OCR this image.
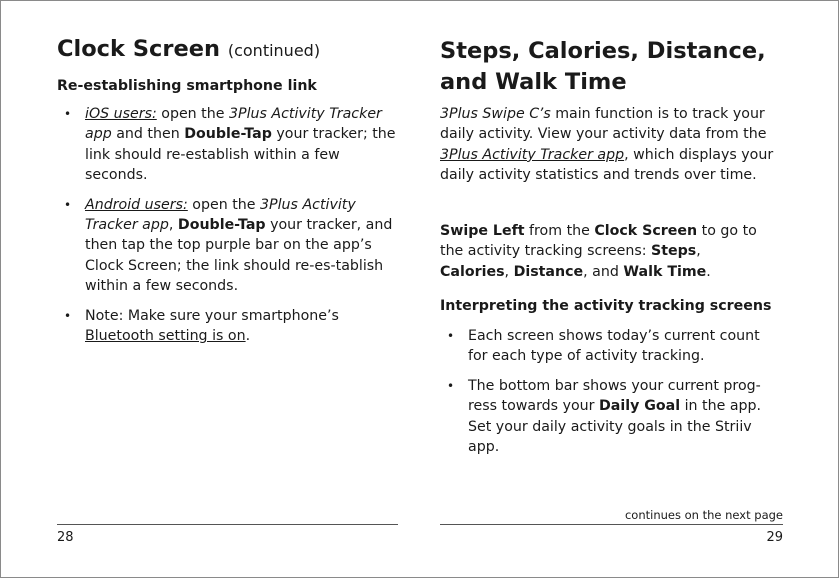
Clock Screen (continued)
Re-establishing smartphone link
• iOS users: open the 3Plus Activity Tracker app and then Double-Tap your tracker; the link should re-establish within a few seconds.
• Android users: open the 3Plus Activity Tracker app, Double-Tap your tracker, and then tap the top purple bar on the app’s Clock Screen; the link should re-es-tablish within a few seconds.
• Note: Make sure your smartphone’s Bluetooth setting is on.
28
Steps, Calories, Distance, and Walk Time
3Plus Swipe C’s main function is to track your daily activity. View your activity data from the 3Plus Activity Tracker app, which displays your daily activity statistics and trends over time.
Swipe Left from the Clock Screen to go to the activity tracking screens: Steps, Calories, Distance, and Walk Time.
Interpreting the activity tracking screens
• Each screen shows today’s current count for each type of activity tracking.
• The bottom bar shows your current prog-ress towards your Daily Goal in the app. Set your daily activity goals in the Striiv app.
continues on the next page
29
